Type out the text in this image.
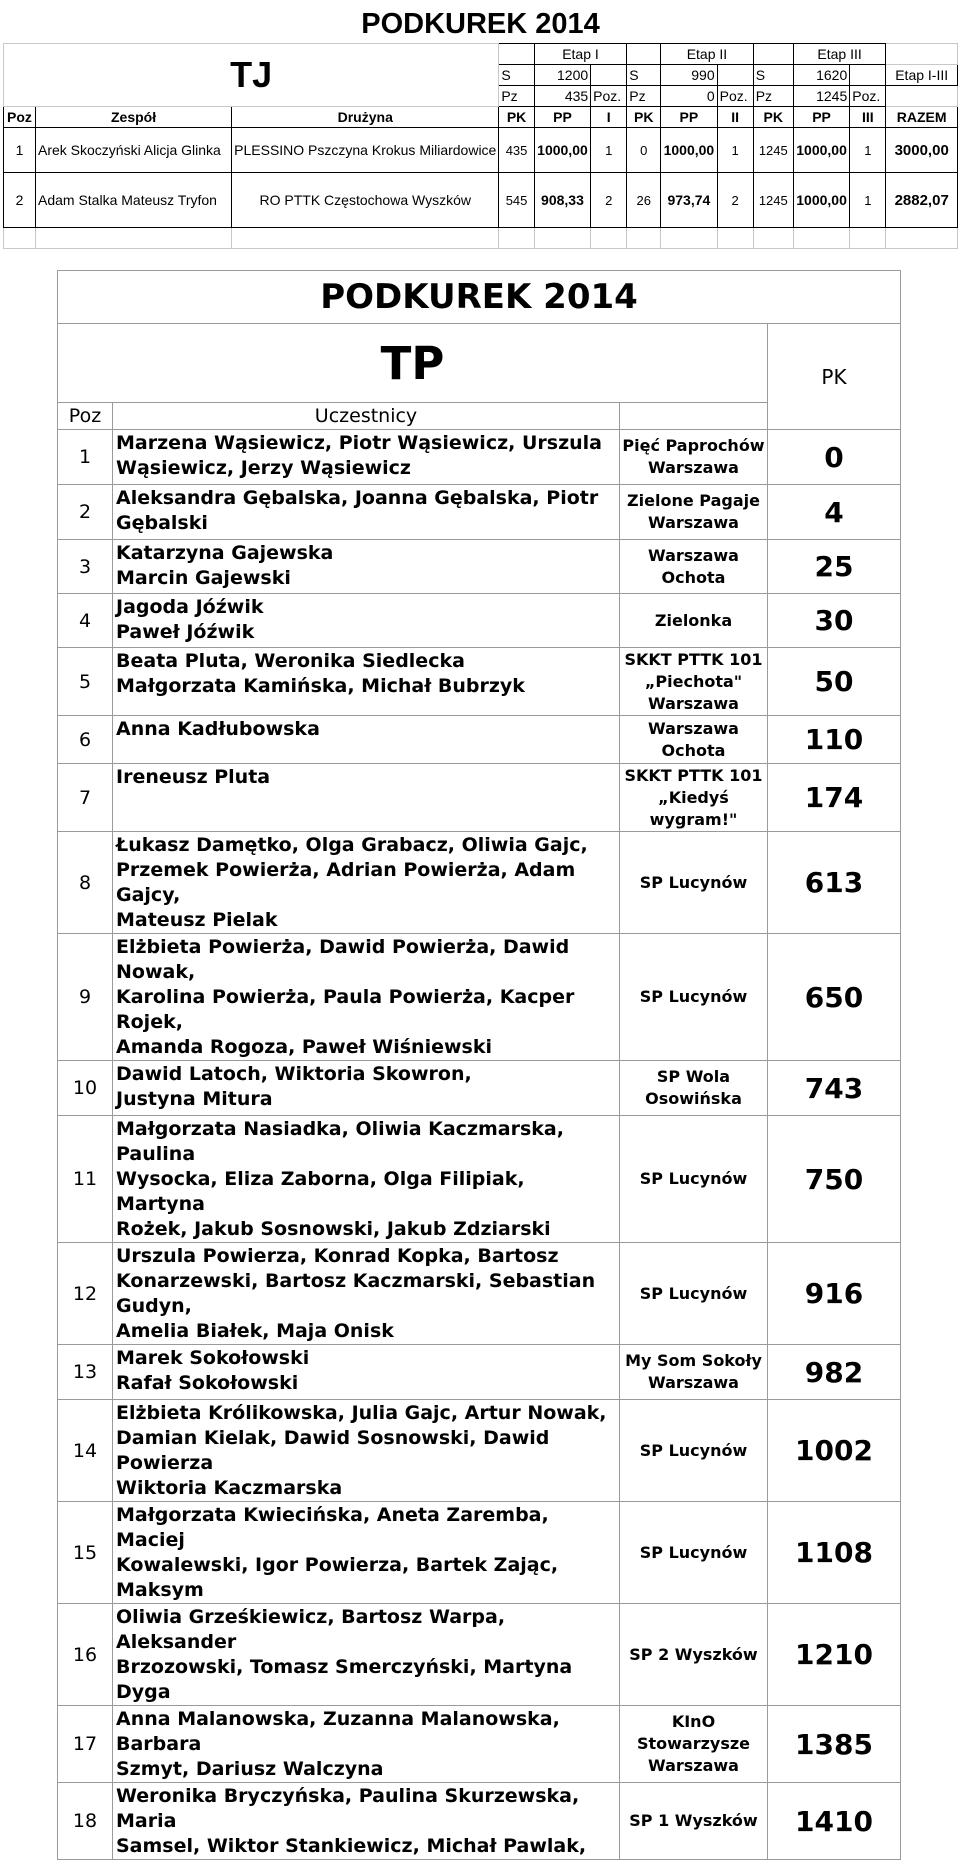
PODKUREK 2014
TJ				Etap I			Etap II			Etap III		
			S	1200		S	990		S	1620		Etap I-III
			Pz	435	Poz.	Pz	0	Poz.	Pz	1245	Poz.	
Poz	Zespół	Drużyna	PK	PP	I	PK	PP	II	PK	PP	III	RAZEM
1	Arek Skoczyński Alicja Glinka	PLESSINO Pszczyna Krokus Miliardowice	435	1000,00	1	0	1000,00	1	1245	1000,00	1	3000,00
2	Adam Stalka Mateusz Tryfon	RO PTTK Częstochowa Wyszków	545	908,33	2	26	973,74	2	1245	1000,00	1	2882,07

PODKUREK 2014			
TP			PK
Poz	Uczestnicy		
1	Marzena Wąsiewicz, Piotr Wąsiewicz, Urszula
Wąsiewicz, Jerzy Wąsiewicz	Pięć Paprochów
Warszawa	0
2	Aleksandra Gębalska, Joanna Gębalska, Piotr
Gębalski	Zielone Pagaje
Warszawa	4
3	Katarzyna Gajewska
Marcin Gajewski	Warszawa
Ochota	25
4	Jagoda Jóźwik
Paweł Jóźwik	Zielonka	30
5	Beata Pluta, Weronika Siedlecka
Małgorzata Kamińska, Michał Bubrzyk	SKKT PTTK 101
„Piechota"
Warszawa	50
6	Anna Kadłubowska	Warszawa
Ochota	110
7	Ireneusz Pluta	SKKT PTTK 101
„Kiedyś
wygram!"	174
8	Łukasz Damętko, Olga Grabacz, Oliwia Gajc,
Przemek Powierża, Adrian Powierża, Adam Gajcy,
Mateusz Pielak	SP Lucynów	613
9	Elżbieta Powierża, Dawid Powierża, Dawid Nowak,
Karolina Powierża, Paula Powierża, Kacper Rojek,
Amanda Rogoza, Paweł Wiśniewski	SP Lucynów	650
10	Dawid Latoch, Wiktoria Skowron,
Justyna Mitura	SP Wola
Osowińska	743
11	Małgorzata Nasiadka, Oliwia Kaczmarska, Paulina
Wysocka, Eliza Zaborna, Olga Filipiak, Martyna
Rożek, Jakub Sosnowski, Jakub Zdziarski	SP Lucynów	750
12	Urszula Powierza, Konrad Kopka, Bartosz
Konarzewski, Bartosz Kaczmarski, Sebastian Gudyn,
Amelia Białek, Maja Onisk	SP Lucynów	916
13	Marek Sokołowski
Rafał Sokołowski	My Som Sokoły
Warszawa	982
14	Elżbieta Królikowska, Julia Gajc, Artur Nowak,
Damian Kielak, Dawid Sosnowski, Dawid Powierza
Wiktoria Kaczmarska	SP Lucynów	1002
15	Małgorzata Kwiecińska, Aneta Zaremba, Maciej
Kowalewski, Igor Powierza, Bartek Zając, Maksym	SP Lucynów	1108
16	Oliwia Grześkiewicz, Bartosz Warpa, Aleksander
Brzozowski, Tomasz Smerczyński, Martyna Dyga	SP 2 Wyszków	1210
17	Anna Malanowska, Zuzanna Malanowska, Barbara
Szmyt, Dariusz Walczyna	KInO
Stowarzysze
Warszawa	1385
18	Weronika Bryczyńska, Paulina Skurzewska, Maria
Samsel, Wiktor Stankiewicz, Michał Pawlak,	SP 1 Wyszków	1410
